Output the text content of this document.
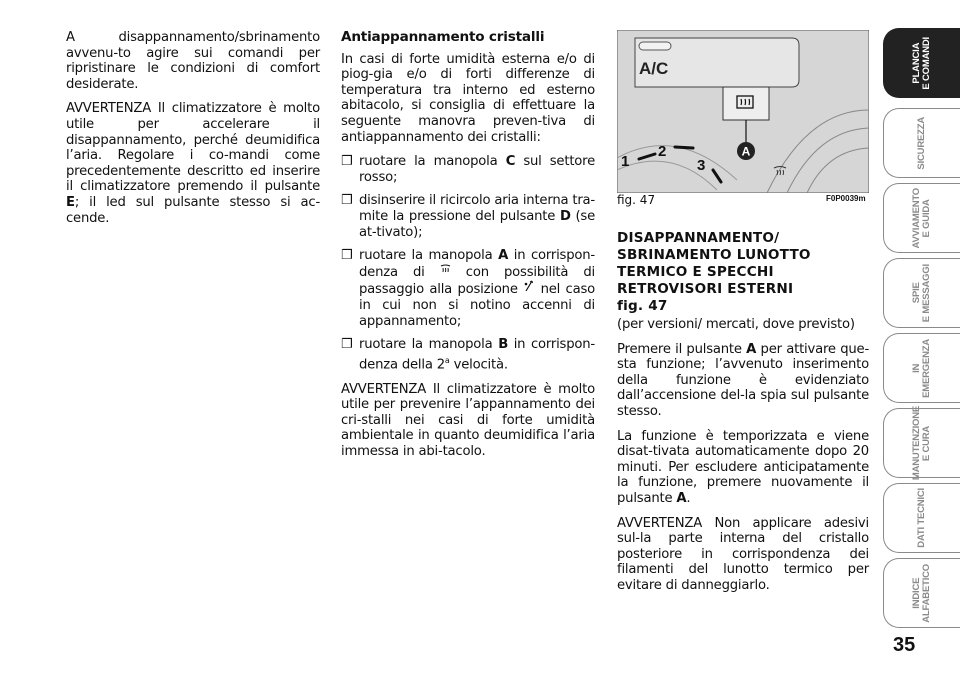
A disappannamento/sbrinamento avvenu-to agire sui comandi per ripristinare le condizioni di comfort desiderate.

AVVERTENZA Il climatizzatore è molto utile per accelerare il disappannamento, perché deumidifica l’aria. Regolare i co-mandi come precedentemente descritto ed inserire il climatizzatore premendo il pulsante E; il led sul pulsante stesso si ac-cende.

Antiappannamento cristalli

In casi di forte umidità esterna e/o di piog-gia e/o di forti differenze di temperatura tra interno ed esterno abitacolo, si consiglia di effettuare la seguente manovra preven-tiva di antiappannamento dei cristalli:

❒ ruotare la manopola C sul settore rosso;
❒ disinserire il ricircolo aria interna tra-mite la pressione del pulsante D (se at-tivato);
❒ ruotare la manopola A in corrispon-denza di  con possibilità di passaggio alla posizione  nel caso in cui non si notino accenni di appannamento;
❒ ruotare la manopola B in corrispon-denza della 2$^a$ velocità.

AVVERTENZA Il climatizzatore è molto utile per prevenire l’appannamento dei cri-stalli nei casi di forte umidità ambientale in quanto deumidifica l’aria immessa in abi-tacolo.

A/C
A
1
2
3
fig. 47	F0P0039m

DISAPPANNAMENTO/
SBRINAMENTO LUNOTTO
TERMICO E SPECCHI
RETROVISORI ESTERNI
fig. 47

(per versioni/ mercati, dove previsto)

Premere il pulsante A per attivare que-sta funzione; l’avvenuto inserimento della funzione è evidenziato dall’accensione del-la spia sul pulsante stesso.

La funzione è temporizzata e viene disat-tivata automaticamente dopo 20 minuti. Per escludere anticipatamente la funzione, premere nuovamente il pulsante A.

AVVERTENZA Non applicare adesivi sul-la parte interna del cristallo posteriore in corrispondenza dei filamenti del lunotto termico per evitare di danneggiarlo.

PLANCIA
E COMANDI
SICUREZZA
AVVIAMENTO
E GUIDA
SPIE
E MESSAGGI
IN
EMERGENZA
MANUTENZIONE
E CURA
DATI TECNICI
INDICE
ALFABETICO
35
